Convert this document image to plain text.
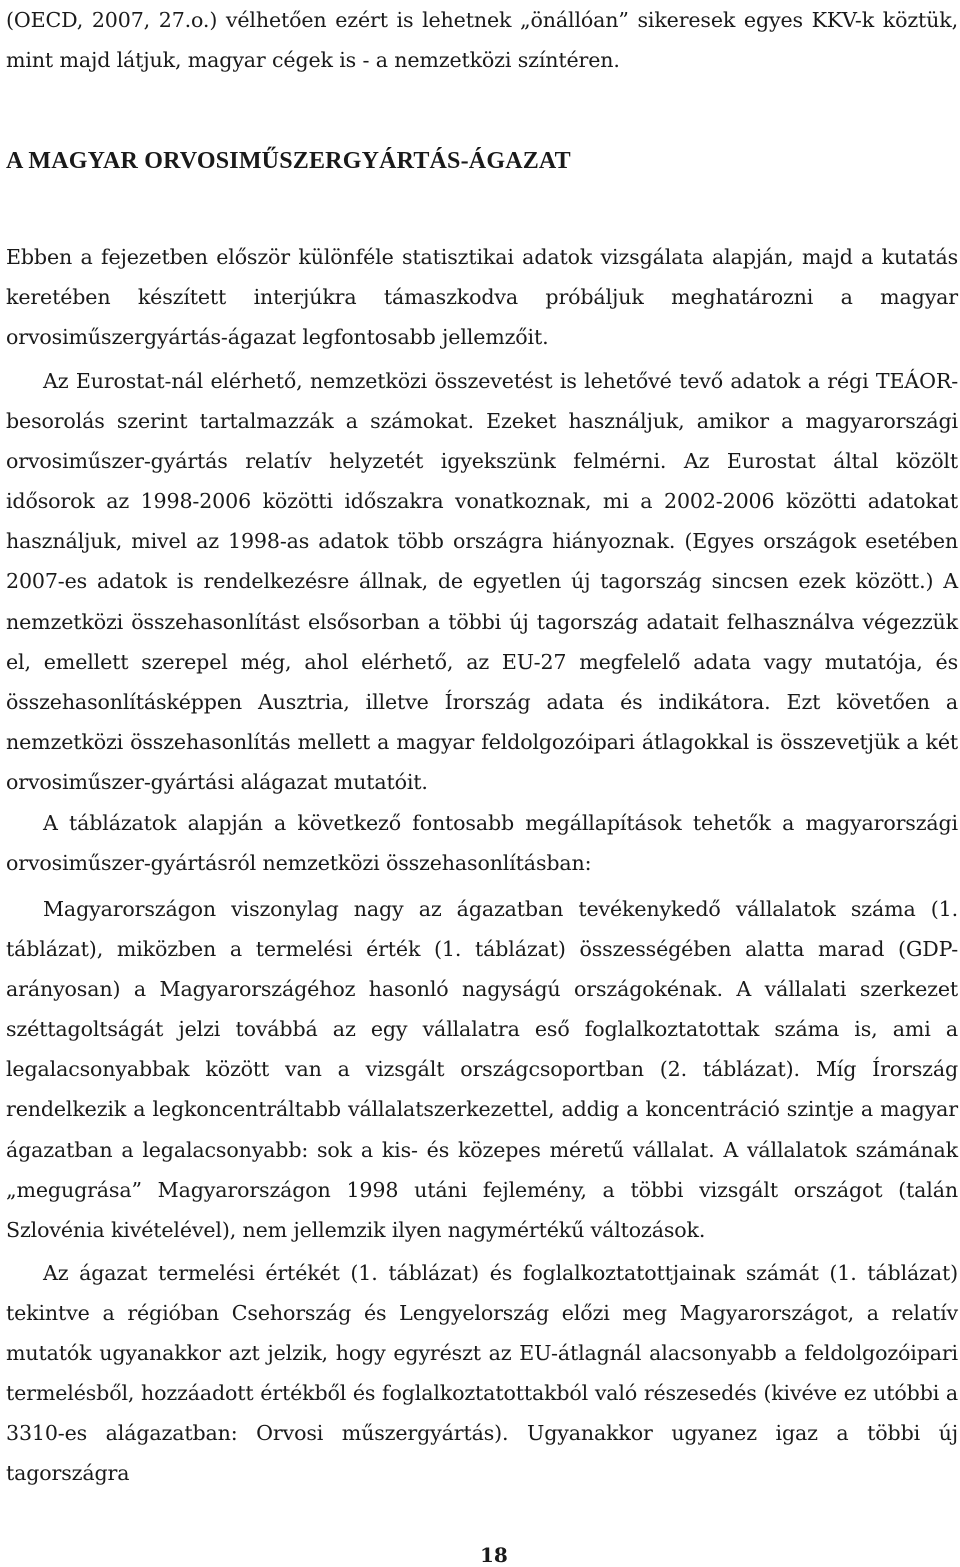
(OECD, 2007, 27.o.) vélhetően ezért is lehetnek „önállóan” sikeresek egyes KKV-k köztük, mint majd látjuk, magyar cégek is - a nemzetközi színtéren.

A MAGYAR ORVOSIMŰSZERGYÁRTÁS-ÁGAZAT

Ebben a fejezetben először különféle statisztikai adatok vizsgálata alapján, majd a kutatás keretében készített interjúkra támaszkodva próbáljuk meghatározni a magyar orvosiműszergyártás-ágazat legfontosabb jellemzőit.

Az Eurostat-nál elérhető, nemzetközi összevetést is lehetővé tevő adatok a régi TEÁOR-besorolás szerint tartalmazzák a számokat. Ezeket használjuk, amikor a magyarországi orvosiműszer-gyártás relatív helyzetét igyekszünk felmérni. Az Eurostat által közölt idősorok az 1998-2006 közötti időszakra vonatkoznak, mi a 2002-2006 közötti adatokat használjuk, mivel az 1998-as adatok több országra hiányoznak. (Egyes országok esetében 2007-es adatok is rendelkezésre állnak, de egyetlen új tagország sincsen ezek között.) A nemzetközi összehasonlítást elsősorban a többi új tagország adatait felhasználva végezzük el, emellett szerepel még, ahol elérhető, az EU-27 megfelelő adata vagy mutatója, és összehasonlításképpen Ausztria, illetve Írország adata és indikátora. Ezt követően a nemzetközi összehasonlítás mellett a magyar feldolgozóipari átlagokkal is összevetjük a két orvosiműszer-gyártási alágazat mutatóit.

A táblázatok alapján a következő fontosabb megállapítások tehetők a magyarországi orvosiműszer-gyártásról nemzetközi összehasonlításban:

Magyarországon viszonylag nagy az ágazatban tevékenykedő vállalatok száma (1. táblázat), miközben a termelési érték (1. táblázat) összességében alatta marad (GDP-arányosan) a Magyarországéhoz hasonló nagyságú országokénak. A vállalati szerkezet széttagoltságát jelzi továbbá az egy vállalatra eső foglalkoztatottak száma is, ami a legalacsonyabbak között van a vizsgált országcsoportban (2. táblázat). Míg Írország rendelkezik a legkoncentráltabb vállalatszerkezettel, addig a koncentráció szintje a magyar ágazatban a legalacsonyabb: sok a kis- és közepes méretű vállalat. A vállalatok számának „megugrása” Magyarországon 1998 utáni fejlemény, a többi vizsgált országot (talán Szlovénia kivételével), nem jellemzik ilyen nagymértékű változások.

Az ágazat termelési értékét (1. táblázat) és foglalkoztatottjainak számát (1. táblázat) tekintve a régióban Csehország és Lengyelország előzi meg Magyarországot, a relatív mutatók ugyanakkor azt jelzik, hogy egyrészt az EU-átlagnál alacsonyabb a feldolgozóipari termelésből, hozzáadott értékből és foglalkoztatottakból való részesedés (kivéve ez utóbbi a 3310-es alágazatban: Orvosi műszergyártás). Ugyanakkor ugyanez igaz a többi új tagországra

18
